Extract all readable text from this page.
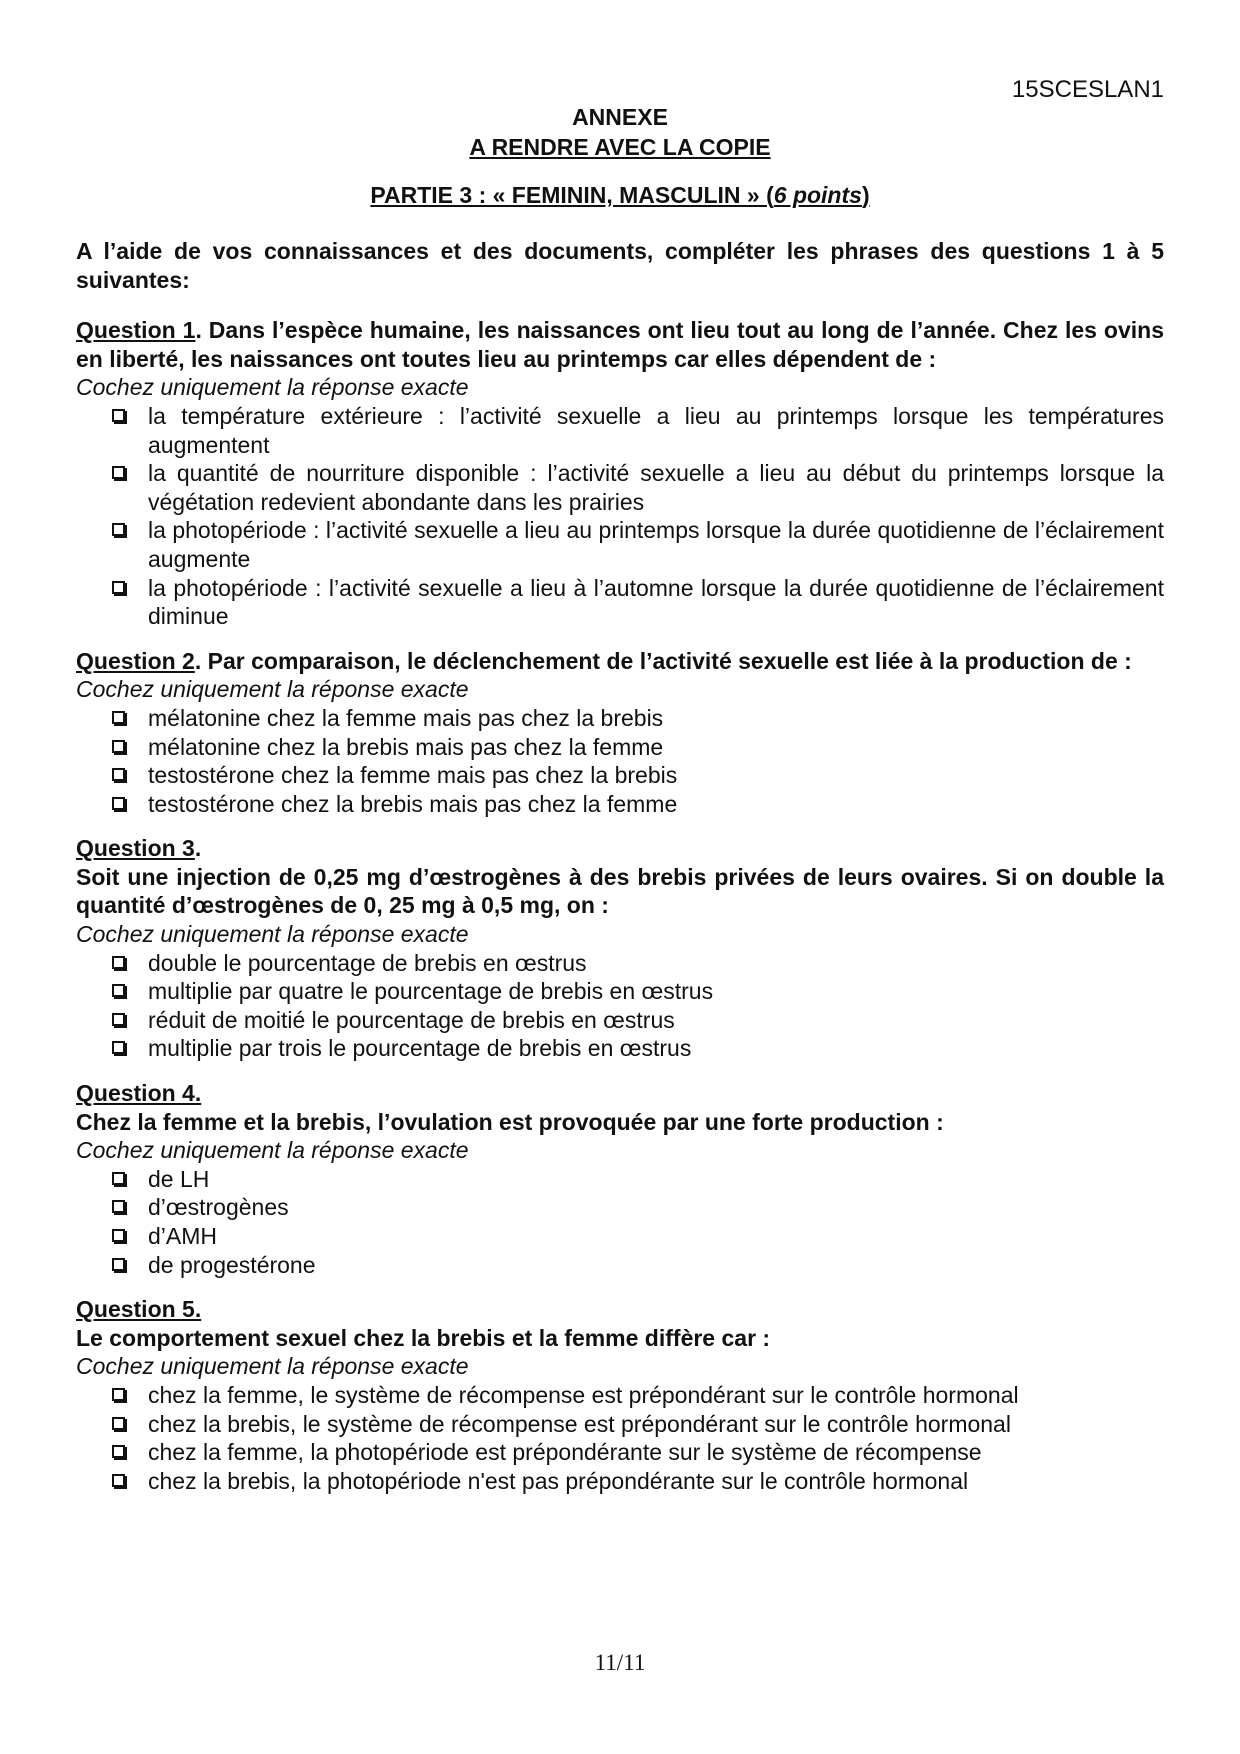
15SCESLAN1
ANNEXE
A RENDRE AVEC LA COPIE
PARTIE 3 : « FEMININ, MASCULIN » (6 points)

A l’aide de vos connaissances et des documents, compléter les phrases des questions 1 à 5 suivantes:

Question 1. Dans l’espèce humaine, les naissances ont lieu tout au long de l’année. Chez les ovins en liberté, les naissances ont toutes lieu au printemps car elles dépendent de :

Cochez uniquement la réponse exacte

la température extérieure : l’activité sexuelle a lieu au printemps lorsque les températures augmentent
la quantité de nourriture disponible : l’activité sexuelle a lieu au début du printemps lorsque la végétation redevient abondante dans les prairies
la photopériode : l’activité sexuelle a lieu au printemps lorsque la durée quotidienne de l’éclairement augmente
la photopériode : l’activité sexuelle a lieu à l’automne lorsque la durée quotidienne de l’éclairement diminue

Question 2. Par comparaison, le déclenchement de l’activité sexuelle est liée à la production de :

Cochez uniquement la réponse exacte

mélatonine chez la femme mais pas chez la brebis
mélatonine chez la brebis mais pas chez la femme
testostérone chez la femme mais pas chez la brebis
testostérone chez la brebis mais pas chez la femme

Question 3.

Soit une injection de 0,25 mg d’œstrogènes à des brebis privées de leurs ovaires. Si on double la quantité d’œstrogènes de 0, 25 mg à 0,5 mg, on :

Cochez uniquement la réponse exacte

double le pourcentage de brebis en œstrus
multiplie par quatre le pourcentage de brebis en œstrus
réduit de moitié le pourcentage de brebis en œstrus
multiplie par trois le pourcentage de brebis en œstrus

Question 4.

Chez la femme et la brebis, l’ovulation est provoquée par une forte production :

Cochez uniquement la réponse exacte

de LH
d’œstrogènes
d’AMH
de progestérone

Question 5.

Le comportement sexuel chez la brebis et la femme diffère car :

Cochez uniquement la réponse exacte

chez la femme, le système de récompense est prépondérant sur le contrôle hormonal
chez la brebis, le système de récompense est prépondérant sur le contrôle hormonal
chez la femme, la photopériode est prépondérante sur le système de récompense
chez la brebis, la photopériode n'est pas prépondérante sur le contrôle hormonal
11/11
